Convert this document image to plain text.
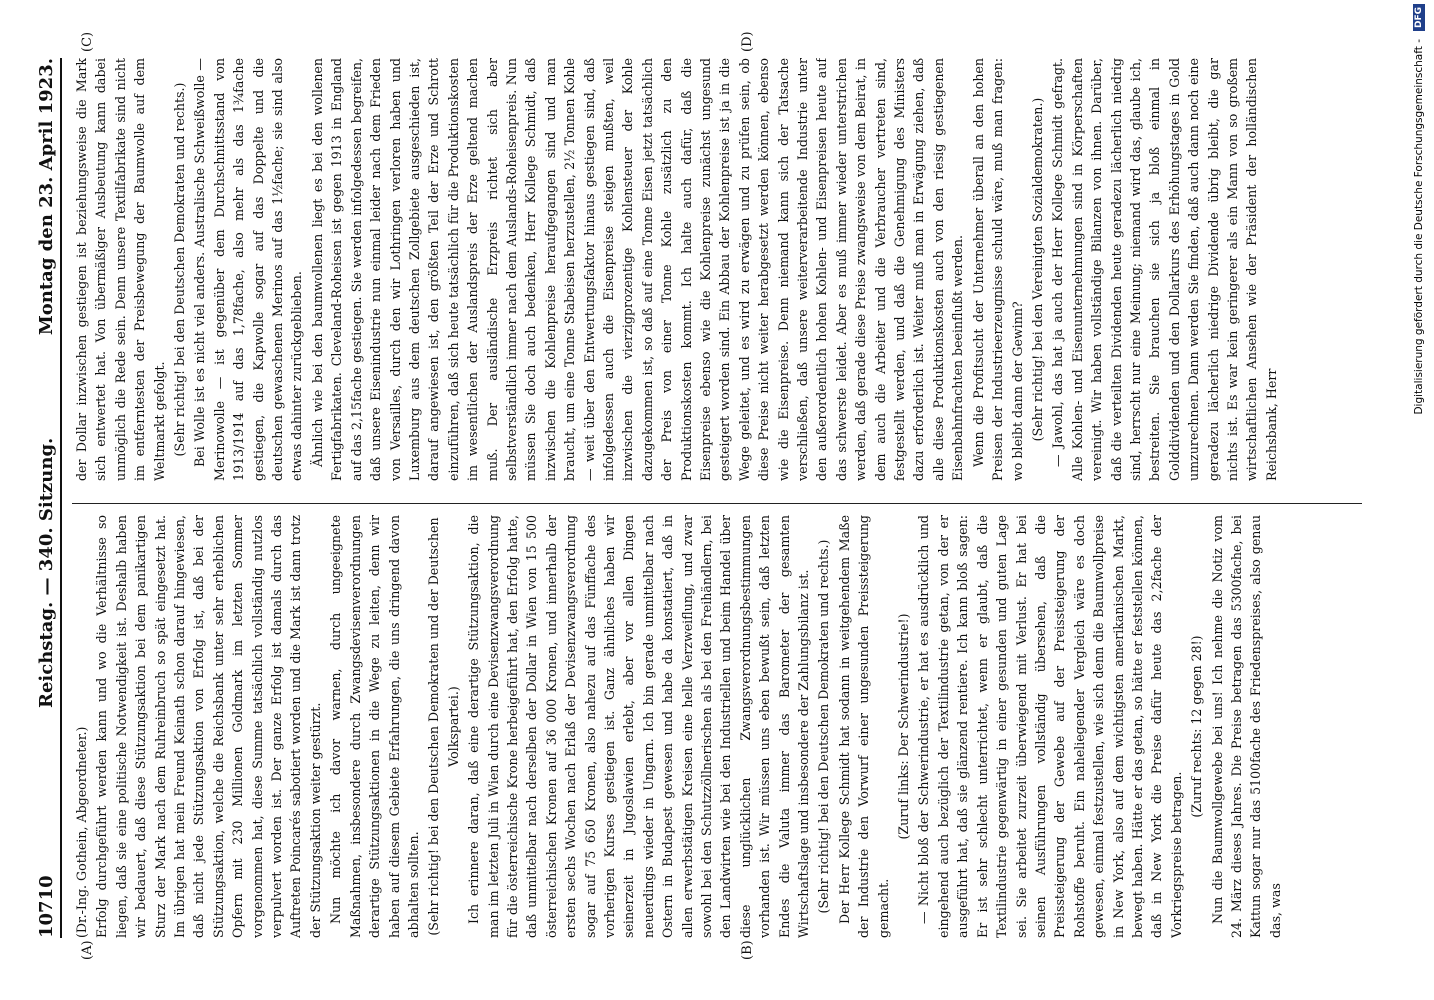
10710
Reichstag. — 340. Sitzung.
Montag den 23. April 1923.
(A)	(B)
(C)	(D)

(Dr.-Ing. Gothein, Abgeordneter.) Erfolg durchgeführt werden kann und wo die Verhältnisse so liegen, daß sie eine politische Notwendigkeit ist. Deshalb haben wir bedauert, daß diese Stützungsaktion bei dem panikartigen Sturz der Mark nach dem Ruhreinbruch so spät eingesetzt hat. Im übrigen hat mein Freund Keinath schon darauf hingewiesen, daß nicht jede Stützungsaktion von Erfolg ist, daß bei der Stützungsaktion, welche die Reichsbank unter sehr erheblichen Opfern mit 230 Millionen Goldmark im letzten Sommer vorgenommen hat, diese Summe tatsächlich vollständig nutzlos verpulvert worden ist. Der ganze Erfolg ist damals durch das Auftreten Poincarés sabotiert worden und die Mark ist dann trotz der Stützungsaktion weiter gestürzt. Nun möchte ich davor warnen, durch ungeeignete Maßnahmen, insbesondere durch Zwangsdevisenverordnungen derartige Stützungsaktionen in die Wege zu leiten, denn wir haben auf diesem Gebiete Erfahrungen, die uns dringend davon abhalten sollten. (Sehr richtig! bei den Deutschen Demokraten und der Deutschen Volkspartei.) Ich erinnere daran, daß eine derartige Stützungsaktion, die man im letzten Juli in Wien durch eine Devisenzwangsverordnung für die österreichische Krone herbeigeführt hat, den Erfolg hatte, daß unmittelbar nach derselben der Dollar in Wien von 15 500 österreichischen Kronen auf 36 000 Kronen, und innerhalb der ersten sechs Wochen nach Erlaß der Devisenzwangsverordnung sogar auf 75 650 Kronen, also nahezu auf das Fünffache des vorherigen Kurses gestiegen ist. Ganz ähnliches haben wir seinerzeit in Jugoslawien erlebt, aber vor allen Dingen neuerdings wieder in Ungarn. Ich bin gerade unmittelbar nach Ostern in Budapest gewesen und habe da konstatiert, daß in allen erwerbstätigen Kreisen eine helle Verzweiflung, und zwar sowohl bei den Schutzzöllnerischen als bei den Freihändlern, bei den Landwirten wie bei den Industriellen und beim Handel über diese unglücklichen Zwangsverordnungsbestimmungen vorhanden ist. Wir müssen uns eben bewußt sein, daß letzten Endes die Valuta immer das Barometer der gesamten Wirtschaftslage und insbesondere der Zahlungsbilanz ist. (Sehr richtig! bei den Deutschen Demokraten und rechts.) Der Herr Kollege Schmidt hat sodann in weitgehendem Maße der Industrie den Vorwurf einer ungesunden Preissteigerung gemacht.

(Zuruf links: Der Schwerindustrie!) — Nicht bloß der Schwerindustrie, er hat es ausdrücklich und eingehend auch bezüglich der Textilindustrie getan, von der er ausgeführt hat, daß sie glänzend rentiere. Ich kann bloß sagen: Er ist sehr schlecht unterrichtet, wenn er glaubt, daß die Textilindustrie gegenwärtig in einer gesunden und guten Lage sei. Sie arbeitet zurzeit überwiegend mit Verlust. Er hat bei seinen Ausführungen vollständig übersehen, daß die Preissteigerung der Gewebe auf der Preissteigerung der Rohstoffe beruht. Ein naheliegender Vergleich wäre es doch gewesen, einmal festzustellen, wie sich denn die Baumwollpreise in New York, also auf dem wichtigsten amerikanischen Markt, bewegt haben. Hätte er das getan, so hätte er feststellen können, daß in New York die Preise dafür heute das 2,2fache der Vorkriegspreise betragen.

(Zuruf rechts: 12 gegen 28!) Nun die Baumwollgewebe bei uns! Ich nehme die Notiz vom 24. März dieses Jahres. Die Preise betragen das 5300fache, bei Kattun sogar nur das 5100fache des Friedenspreises, also genau das, was

der Dollar inzwischen gestiegen ist beziehungsweise die Mark sich entwertet hat. Von übermäßiger Ausbeutung kann dabei unmöglich die Rede sein. Denn unsere Textilfabrikate sind nicht im entferntesten der Preisbewegung der Baumwolle auf dem Weltmarkt gefolgt. (Sehr richtig! bei den Deutschen Demokraten und rechts.) Bei Wolle ist es nicht viel anders. Australische Schweißwolle — Merinowolle — ist gegenüber dem Durchschnittsstand von 1913/1914 auf das 1,78fache, also mehr als das 1¾fache gestiegen, die Kapwolle sogar auf das Doppelte und die deutschen gewaschenen Merinos auf das 1½fache; sie sind also etwas dahinter zurückgeblieben. Ähnlich wie bei den baumwollenen liegt es bei den wollenen Fertigfabrikaten. Cleveland-Roheisen ist gegen 1913 in England auf das 2,15fache gestiegen. Sie werden infolgedessen begreifen, daß unsere Eisenindustrie nun einmal leider nach dem Frieden von Versailles, durch den wir Lothringen verloren haben und Luxemburg aus dem deutschen Zollgebiete ausgeschieden ist, darauf angewiesen ist, den größten Teil der Erze und Schrott einzuführen, daß sich heute tatsächlich für die Produktionskosten im wesentlichen der Auslandspreis der Erze geltend machen muß. Der ausländische Erzpreis richtet sich aber selbstverständlich immer nach dem Auslands-Roheisenpreis. Nun müssen Sie doch auch bedenken, Herr Kollege Schmidt, daß inzwischen die Kohlenpreise heraufgegangen sind und man braucht, um eine Tonne Stabeisen herzustellen, 2½ Tonnen Kohle — weit über den Entwertungsfaktor hinaus gestiegen sind, daß infolgedessen auch die Eisenpreise steigen mußten, weil inzwischen die vierzigprozentige Kohlensteuer der Kohle dazugekommen ist, so daß auf eine Tonne Eisen jetzt tatsächlich der Preis von einer Tonne Kohle zusätzlich zu den Produktionskosten kommt. Ich halte auch dafür, daß die Eisenpreise ebenso wie die Kohlenpreise zunächst ungesund gesteigert worden sind. Ein Abbau der Kohlenpreise ist ja in die Wege geleitet, und es wird zu erwägen und zu prüfen sein, ob diese Preise nicht weiter herabgesetzt werden können, ebenso wie die Eisenpreise. Denn niemand kann sich der Tatsache verschließen, daß unsere weiterverarbeitende Industrie unter den außerordentlich hohen Kohlen- und Eisenpreisen heute auf das schwerste leidet. Aber es muß immer wieder unterstrichen werden, daß gerade diese Preise zwangsweise von dem Beirat, in dem auch die Arbeiter und die Verbraucher vertreten sind, festgestellt werden, und daß die Genehmigung des Ministers dazu erforderlich ist. Weiter muß man in Erwägung ziehen, daß alle diese Produktionskosten auch von den riesig gestiegenen Eisenbahnfrachten beeinflußt werden. Wenn die Profitsucht der Unternehmer überall an den hohen Preisen der Industrieerzeugnisse schuld wäre, muß man fragen: wo bleibt dann der Gewinn? (Sehr richtig! bei den Vereinigten Sozialdemokraten.) — Jawohl, das hat ja auch der Herr Kollege Schmidt gefragt. Alle Kohlen- und Eisenunternehmungen sind in Körperschaften vereinigt. Wir haben vollständige Bilanzen von ihnen. Darüber, daß die verteilten Dividenden heute geradezu lächerlich niedrig sind, herrscht nur eine Meinung; niemand wird das, glaube ich, bestreiten. Sie brauchen sie sich ja bloß einmal in Golddividenden und den Dollarkurs des Erhöhungstages in Gold umzurechnen. Dann werden Sie finden, daß auch dann noch eine geradezu lächerlich niedrige Dividende übrig bleibt, die gar nichts ist. Es war kein geringerer als ein Mann von so großem wirtschaftlichen Ansehen wie der Präsident der holländischen Reichsbank, Herr

Digitalisierung gefördert durch die Deutsche Forschungsgemeinschaft -
DFG
